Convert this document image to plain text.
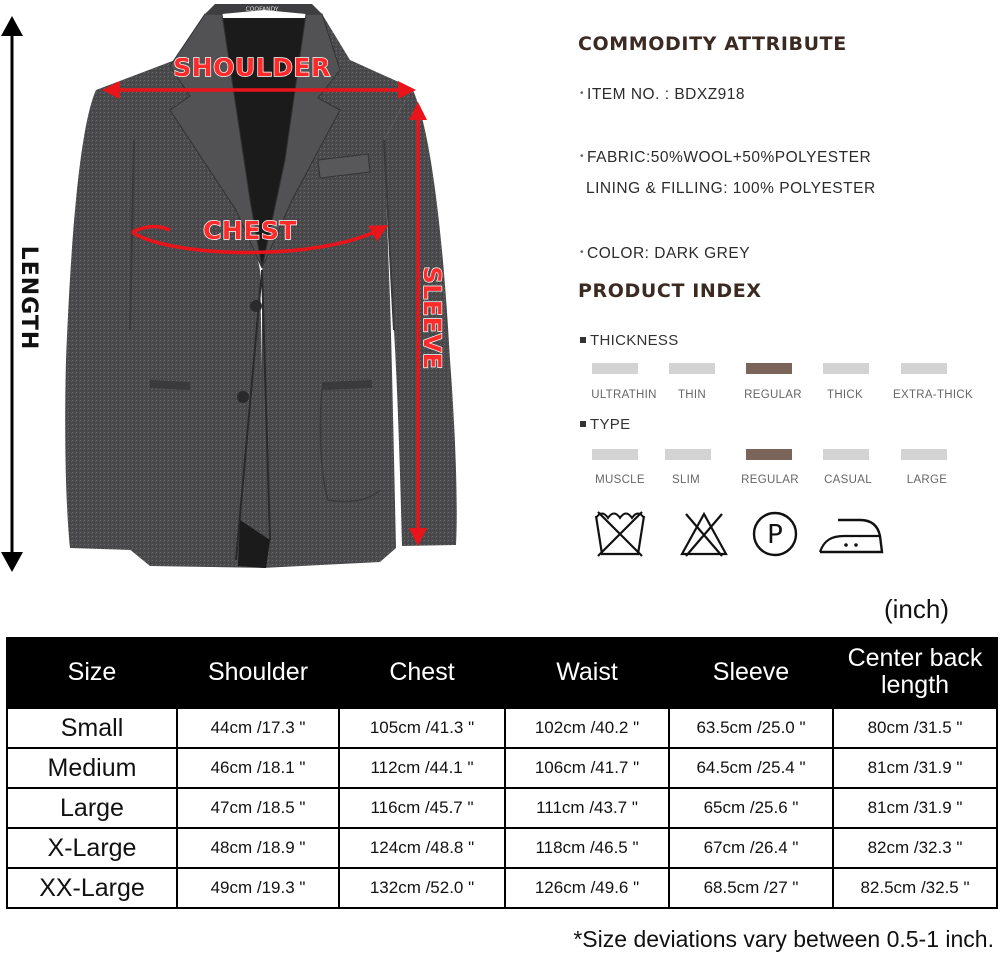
COOFANDY
SHOULDER
CHEST
SLEEVE
LENGTH
COMMODITY ATTRIBUTE
• ITEM NO. : BDXZ918
• FABRIC:50%WOOL+50%POLYESTER
LINING & FILLING: 100% POLYESTER
• COLOR: DARK GREY
PRODUCT INDEX
THICKNESS
ULTRATHIN	THIN	REGULAR	THICK	EXTRA-THICK
TYPE
MUSCLE	SLIM	REGULAR	CASUAL	LARGE
P
(inch)
Size	Shoulder	Chest	Waist	Sleeve	Center back length
Small	44cm /17.3 "	105cm /41.3 "	102cm /40.2 "	63.5cm /25.0 "	80cm /31.5 "
Medium	46cm /18.1 "	112cm /44.1 "	106cm /41.7 "	64.5cm /25.4 "	81cm /31.9 "
Large	47cm /18.5 "	116cm /45.7 "	111cm /43.7 "	65cm /25.6 "	81cm /31.9 "
X-Large	48cm /18.9 "	124cm /48.8 "	118cm /46.5 "	67cm /26.4 "	82cm /32.3 "
XX-Large	49cm /19.3 "	132cm /52.0 "	126cm /49.6 "	68.5cm /27 "	82.5cm /32.5 "
*Size deviations vary between 0.5-1 inch.
